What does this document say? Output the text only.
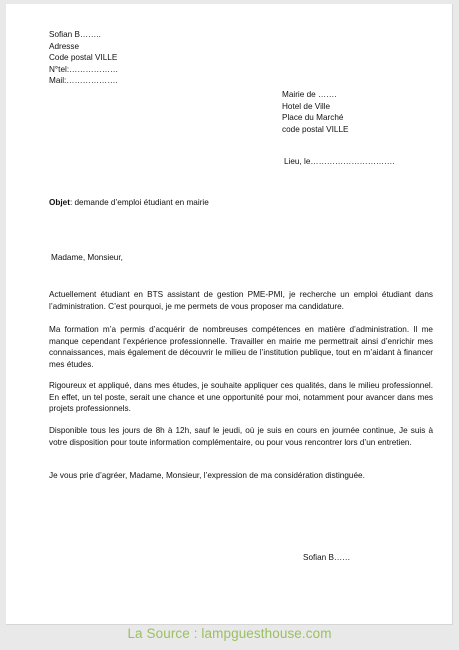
Sofian B……..
Adresse
Code postal VILLE
N°tel:………………
Mail:……………….
Mairie de …….
Hotel de Ville
Place du Marché
code postal VILLE
Lieu, le………………………….
Objet: demande d’emploi étudiant en mairie
Madame, Monsieur,
Actuellement étudiant en BTS assistant de gestion PME-PMI, je recherche un emploi étudiant dans l’administration. C’est pourquoi, je me permets de vous proposer ma candidature.
Ma formation m’a permis d’acquérir de nombreuses compétences en matière d’administration. Il me manque cependant l’expérience professionnelle. Travailler en mairie me permettrait ainsi d’enrichir mes connaissances, mais également de découvrir le milieu de l’institution publique, tout en m’aidant à financer mes études.
Rigoureux et appliqué, dans mes études, je souhaite appliquer ces qualités, dans le milieu professionnel. En effet, un tel poste, serait une chance et une opportunité pour moi, notamment pour avancer dans mes projets professionnels.
Disponible tous les jours de 8h à 12h, sauf le jeudi, où je suis en cours en journée continue, Je suis à votre disposition pour toute information complémentaire, ou pour vous rencontrer lors d’un entretien.
Je vous prie d’agréer, Madame, Monsieur, l’expression de ma considération distinguée.
Sofian B……
La Source : lampguesthouse.com
